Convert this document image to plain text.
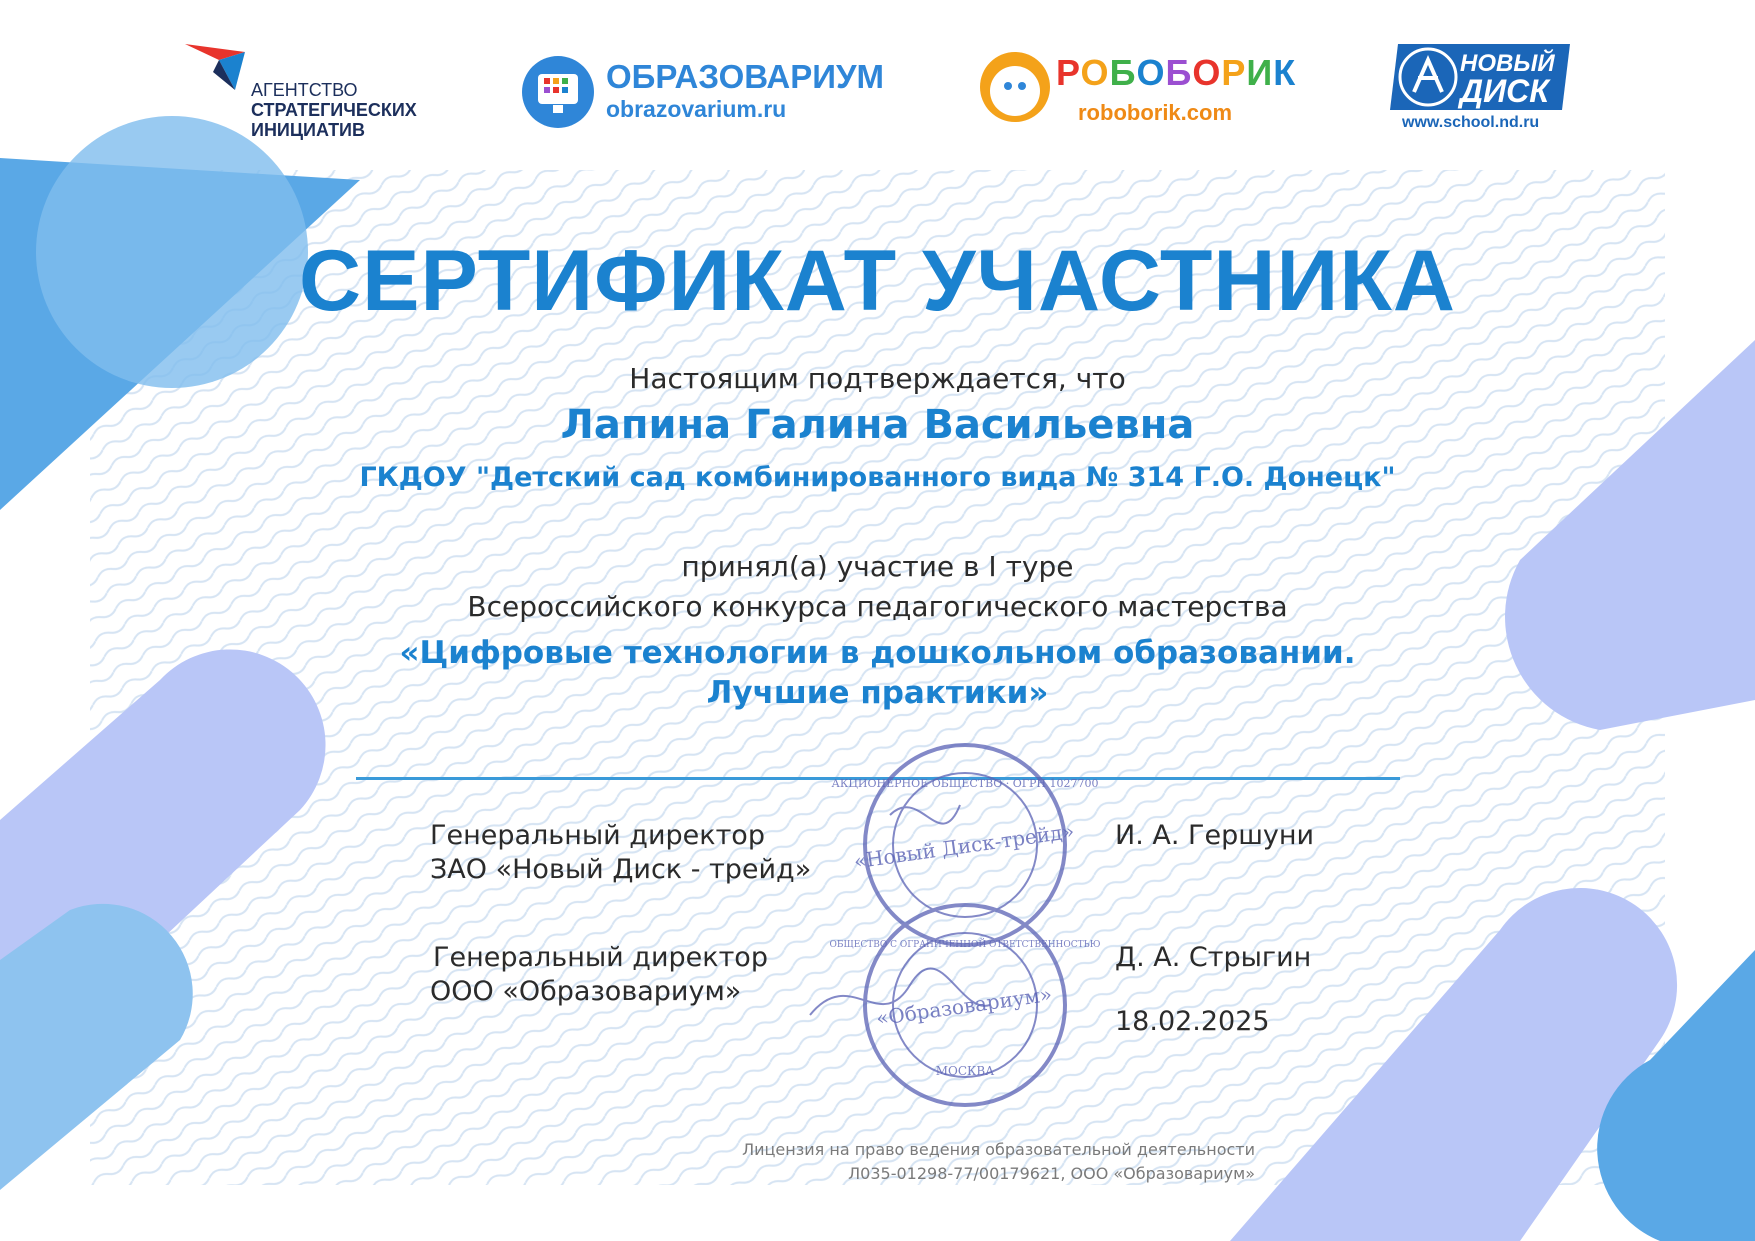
АГЕНТСТВО
СТРАТЕГИЧЕСКИХ
ИНИЦИАТИВ
ОБРАЗОВАРИУМ
obrazovarium.ru
РОБОБОРИК
roboborik.com
НОВЫЙ
ДИСК
www.school.nd.ru
СЕРТИФИКАТ УЧАСТНИКА
Настоящим подтверждается, что
Лапина Галина Васильевна
ГКДОУ "Детский сад комбинированного вида № 314 Г.О. Донецк"
принял(а) участие в I туре
Всероссийского конкурса педагогического мастерства
«Цифровые технологии в дошкольном образовании.
Лучшие практики»
Генеральный директор
ЗАО «Новый Диск - трейд»
И. А. Гершуни
Генеральный директор
ООО «Образовариум»
Д. А. Стрыгин
18.02.2025
«Новый Диск-трейд»
АКЦИОНЕРНОЕ ОБЩЕСТВО · ОГРН 1027700
«Образовариум»
ОБЩЕСТВО С ОГРАНИЧЕННОЙ ОТВЕТСТВЕННОСТЬЮ
МОСКВА
Лицензия на право ведения образовательной деятельности
Л035-01298-77/00179621, ООО «Образовариум»
